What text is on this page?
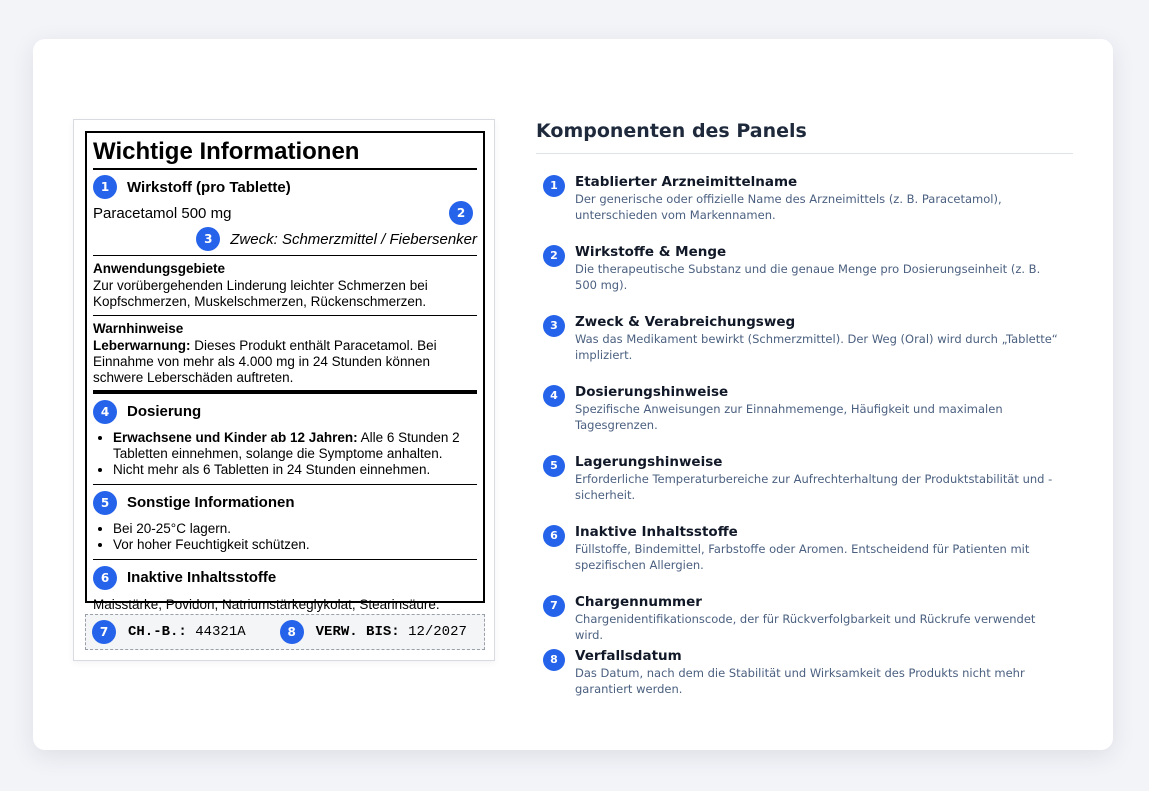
Wichtige Informationen
1	Wirkstoff (pro Tablette)
Paracetamol 500 mg	2
3	Zweck: Schmerzmittel / Fiebersenker
Anwendungsgebiete
Zur vorübergehenden Linderung leichter Schmerzen bei Kopfschmerzen, Muskelschmerzen, Rückenschmerzen.
Warnhinweise
Leberwarnung: Dieses Produkt enthält Paracetamol. Bei Einnahme von mehr als 4.000 mg in 24 Stunden können schwere Leberschäden auftreten.
4	Dosierung
• Erwachsene und Kinder ab 12 Jahren: Alle 6 Stunden 2 Tabletten einnehmen, solange die Symptome anhalten.
• Nicht mehr als 6 Tabletten in 24 Stunden einnehmen.
5	Sonstige Informationen
• Bei 20-25°C lagern.
• Vor hoher Feuchtigkeit schützen.
6	Inaktive Inhaltsstoffe
Maisstärke, Povidon, Natriumstärkeglykolat, Stearinsäure.
7	CH.-B.:
44321A	8	VERW. BIS:
12/2027
Komponenten des Panels
1	Etablierter Arzneimittelname
Der generische oder offizielle Name des Arzneimittels (z. B. Paracetamol), unterschieden vom Markennamen.
2	Wirkstoffe & Menge
Die therapeutische Substanz und die genaue Menge pro Dosierungseinheit (z. B. 500 mg).
3	Zweck & Verabreichungsweg
Was das Medikament bewirkt (Schmerzmittel). Der Weg (Oral) wird durch „Tablette“ impliziert.
4	Dosierungshinweise
Spezifische Anweisungen zur Einnahmemenge, Häufigkeit und maximalen Tagesgrenzen.
5	Lagerungshinweise
Erforderliche Temperaturbereiche zur Aufrechterhaltung der Produktstabilität und -sicherheit.
6	Inaktive Inhaltsstoffe
Füllstoffe, Bindemittel, Farbstoffe oder Aromen. Entscheidend für Patienten mit spezifischen Allergien.
7	Chargennummer
Chargenidentifikationscode, der für Rückverfolgbarkeit und Rückrufe verwendet wird.
8	Verfallsdatum
Das Datum, nach dem die Stabilität und Wirksamkeit des Produkts nicht mehr garantiert werden.
